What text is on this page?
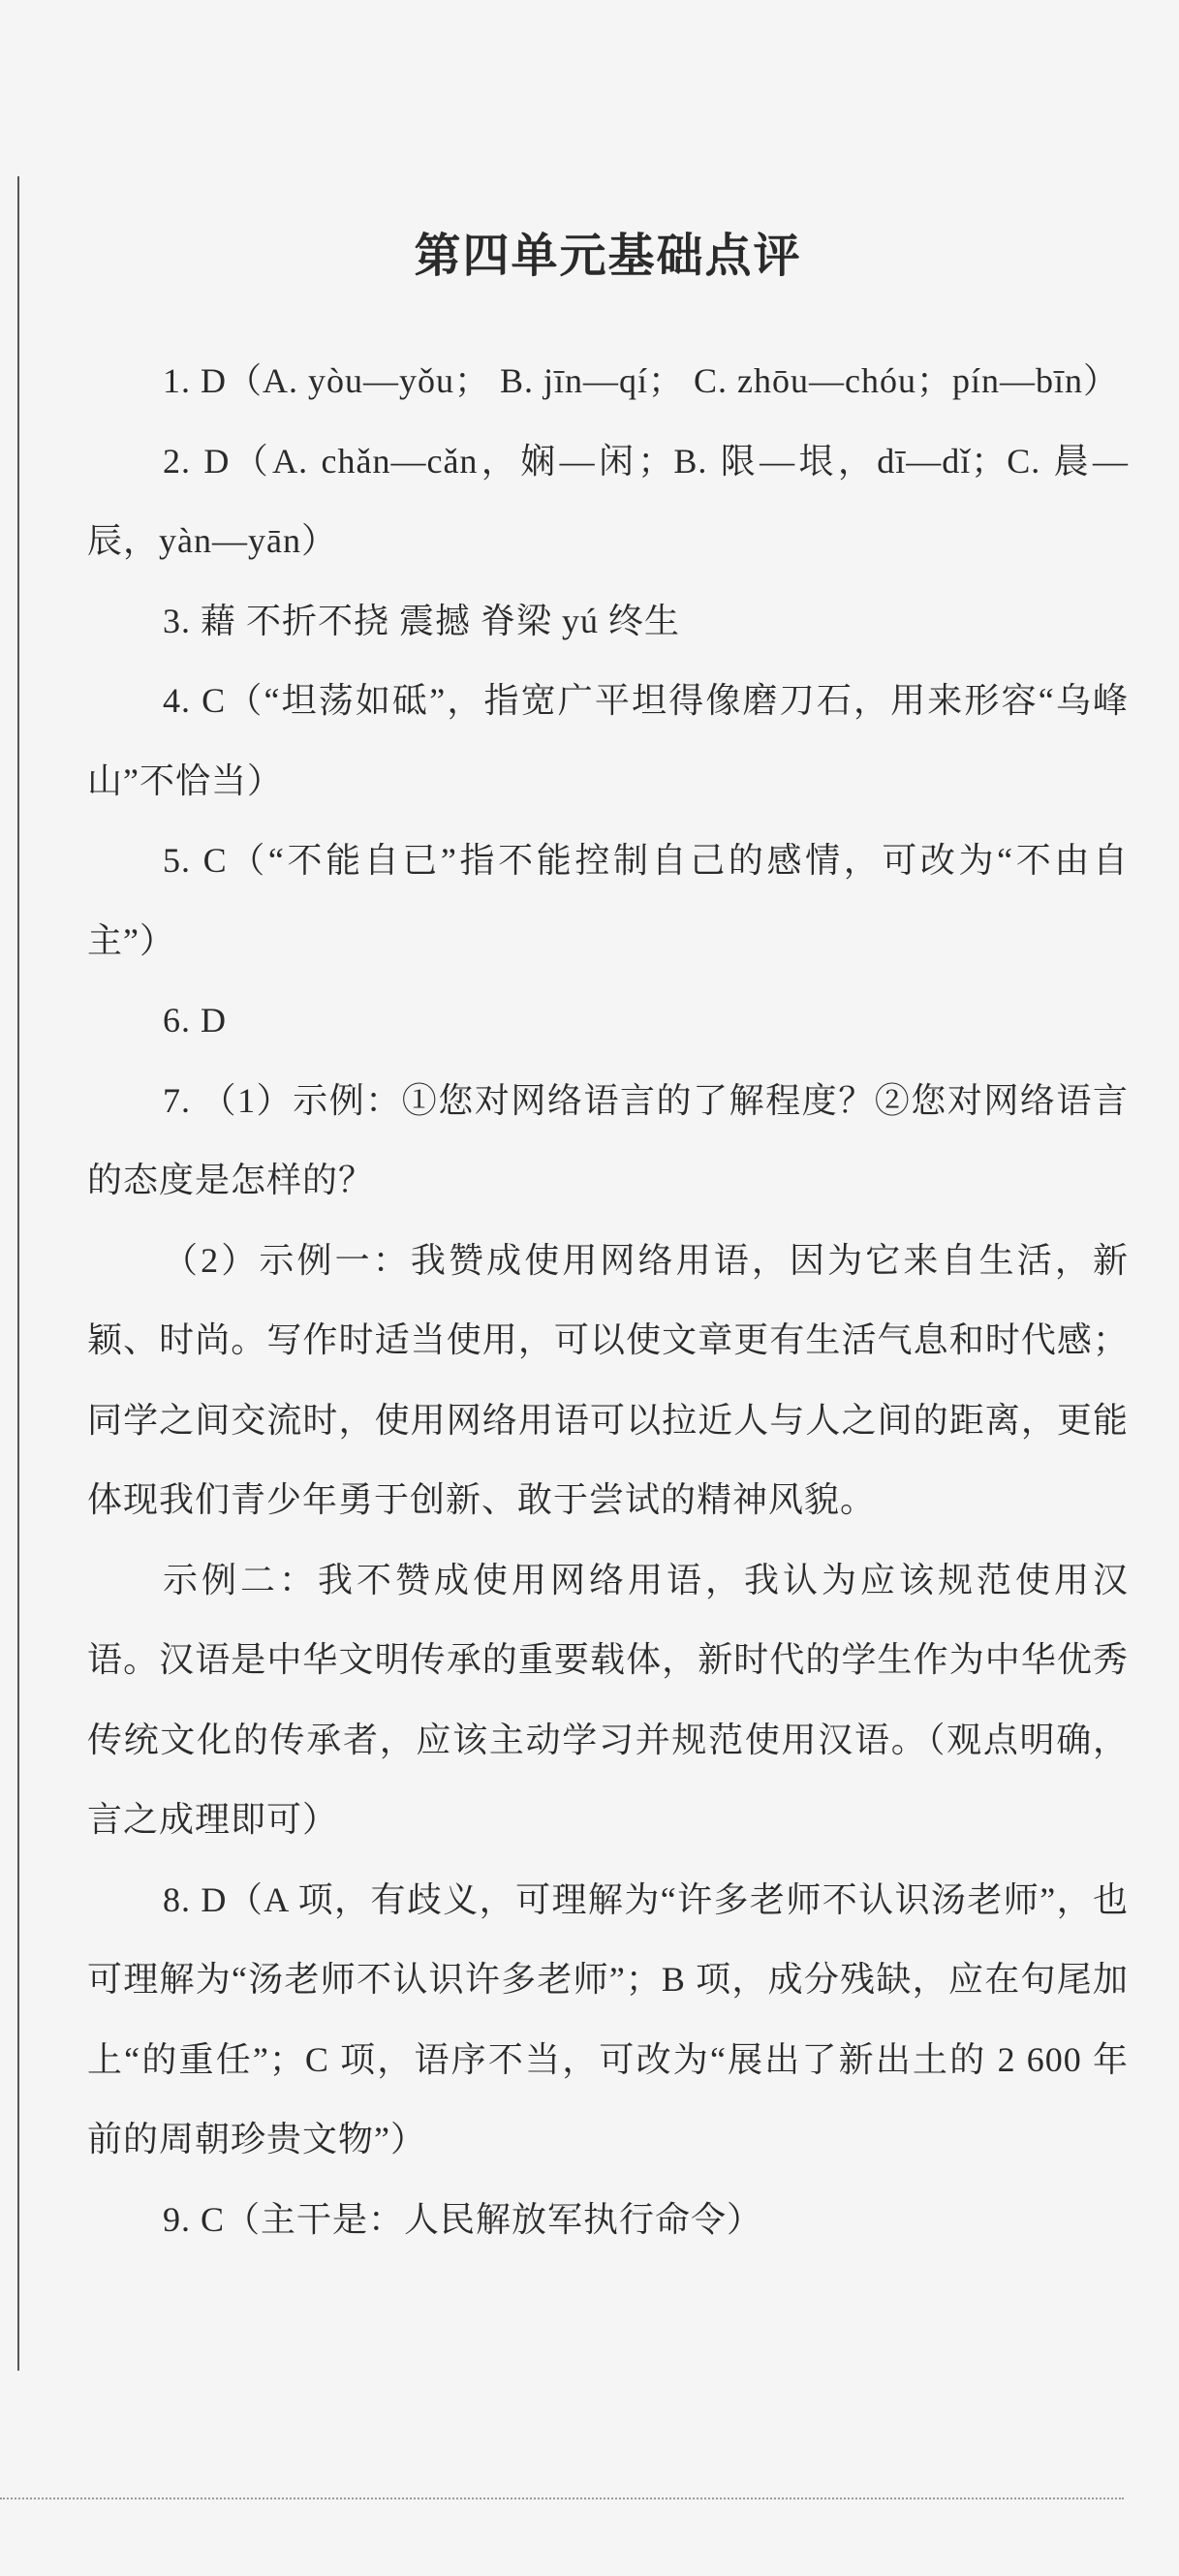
第四单元基础点评

1. D（A. yòu—yǒu； B. jīn—qí； C. zhōu—chóu；pín—bīn）

2. D（A. chǎn—cǎn，娴—闲；B. 限—垠，dī—dǐ；C. 晨—辰，yàn—yān）

3. 藉 不折不挠 震撼 脊梁 yú 终生

4. C（“坦荡如砥”，指宽广平坦得像磨刀石，用来形容“乌峰山”不恰当）

5. C（“不能自已”指不能控制自己的感情，可改为“不由自主”）

6. D

7. （1）示例：①您对网络语言的了解程度？②您对网络语言的态度是怎样的？

（2）示例一：我赞成使用网络用语，因为它来自生活，新颖、时尚。写作时适当使用，可以使文章更有生活气息和时代感；同学之间交流时，使用网络用语可以拉近人与人之间的距离，更能体现我们青少年勇于创新、敢于尝试的精神风貌。

示例二：我不赞成使用网络用语，我认为应该规范使用汉语。汉语是中华文明传承的重要载体，新时代的学生作为中华优秀传统文化的传承者，应该主动学习并规范使用汉语。（观点明确，言之成理即可）

8. D（A 项，有歧义，可理解为“许多老师不认识汤老师”，也可理解为“汤老师不认识许多老师”；B 项，成分残缺，应在句尾加上“的重任”；C 项，语序不当，可改为“展出了新出土的 2 600 年前的周朝珍贵文物”）

9. C（主干是：人民解放军执行命令）
